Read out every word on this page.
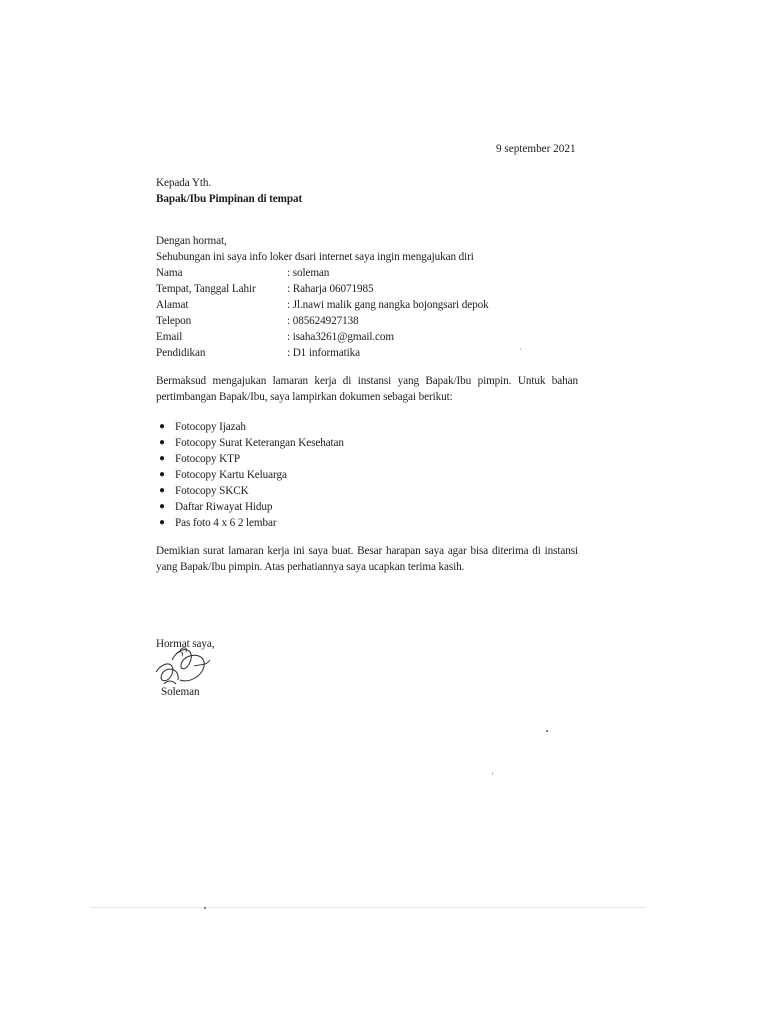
9 september 2021
Kepada Yth.
Bapak/Ibu Pimpinan di tempat
Dengan hormat,
Sehubungan ini saya info loker dsari internet saya ingin mengajukan diri
Nama	: soleman
Tempat, Tanggal Lahir	: Raharja 06071985
Alamat	: Jl.nawi malik gang nangka bojongsari depok
Telepon	: 085624927138
Email	: isaha3261@gmail.com
Pendidikan	: D1 informatika
Bermaksud mengajukan lamaran kerja di instansi yang Bapak/Ibu pimpin. Untuk bahan pertimbangan Bapak/Ibu, saya lampirkan dokumen sebagai berikut:
● Fotocopy Ijazah
● Fotocopy Surat Keterangan Kesehatan
● Fotocopy KTP
● Fotocopy Kartu Keluarga
● Fotocopy SKCK
● Daftar Riwayat Hidup
● Pas foto 4 x 6 2 lembar
Demikian surat lamaran kerja ini saya buat. Besar harapan saya agar bisa diterima di instansi yang Bapak/Ibu pimpin. Atas perhatiannya saya ucapkan terima kasih.
Hormat saya,
Soleman
